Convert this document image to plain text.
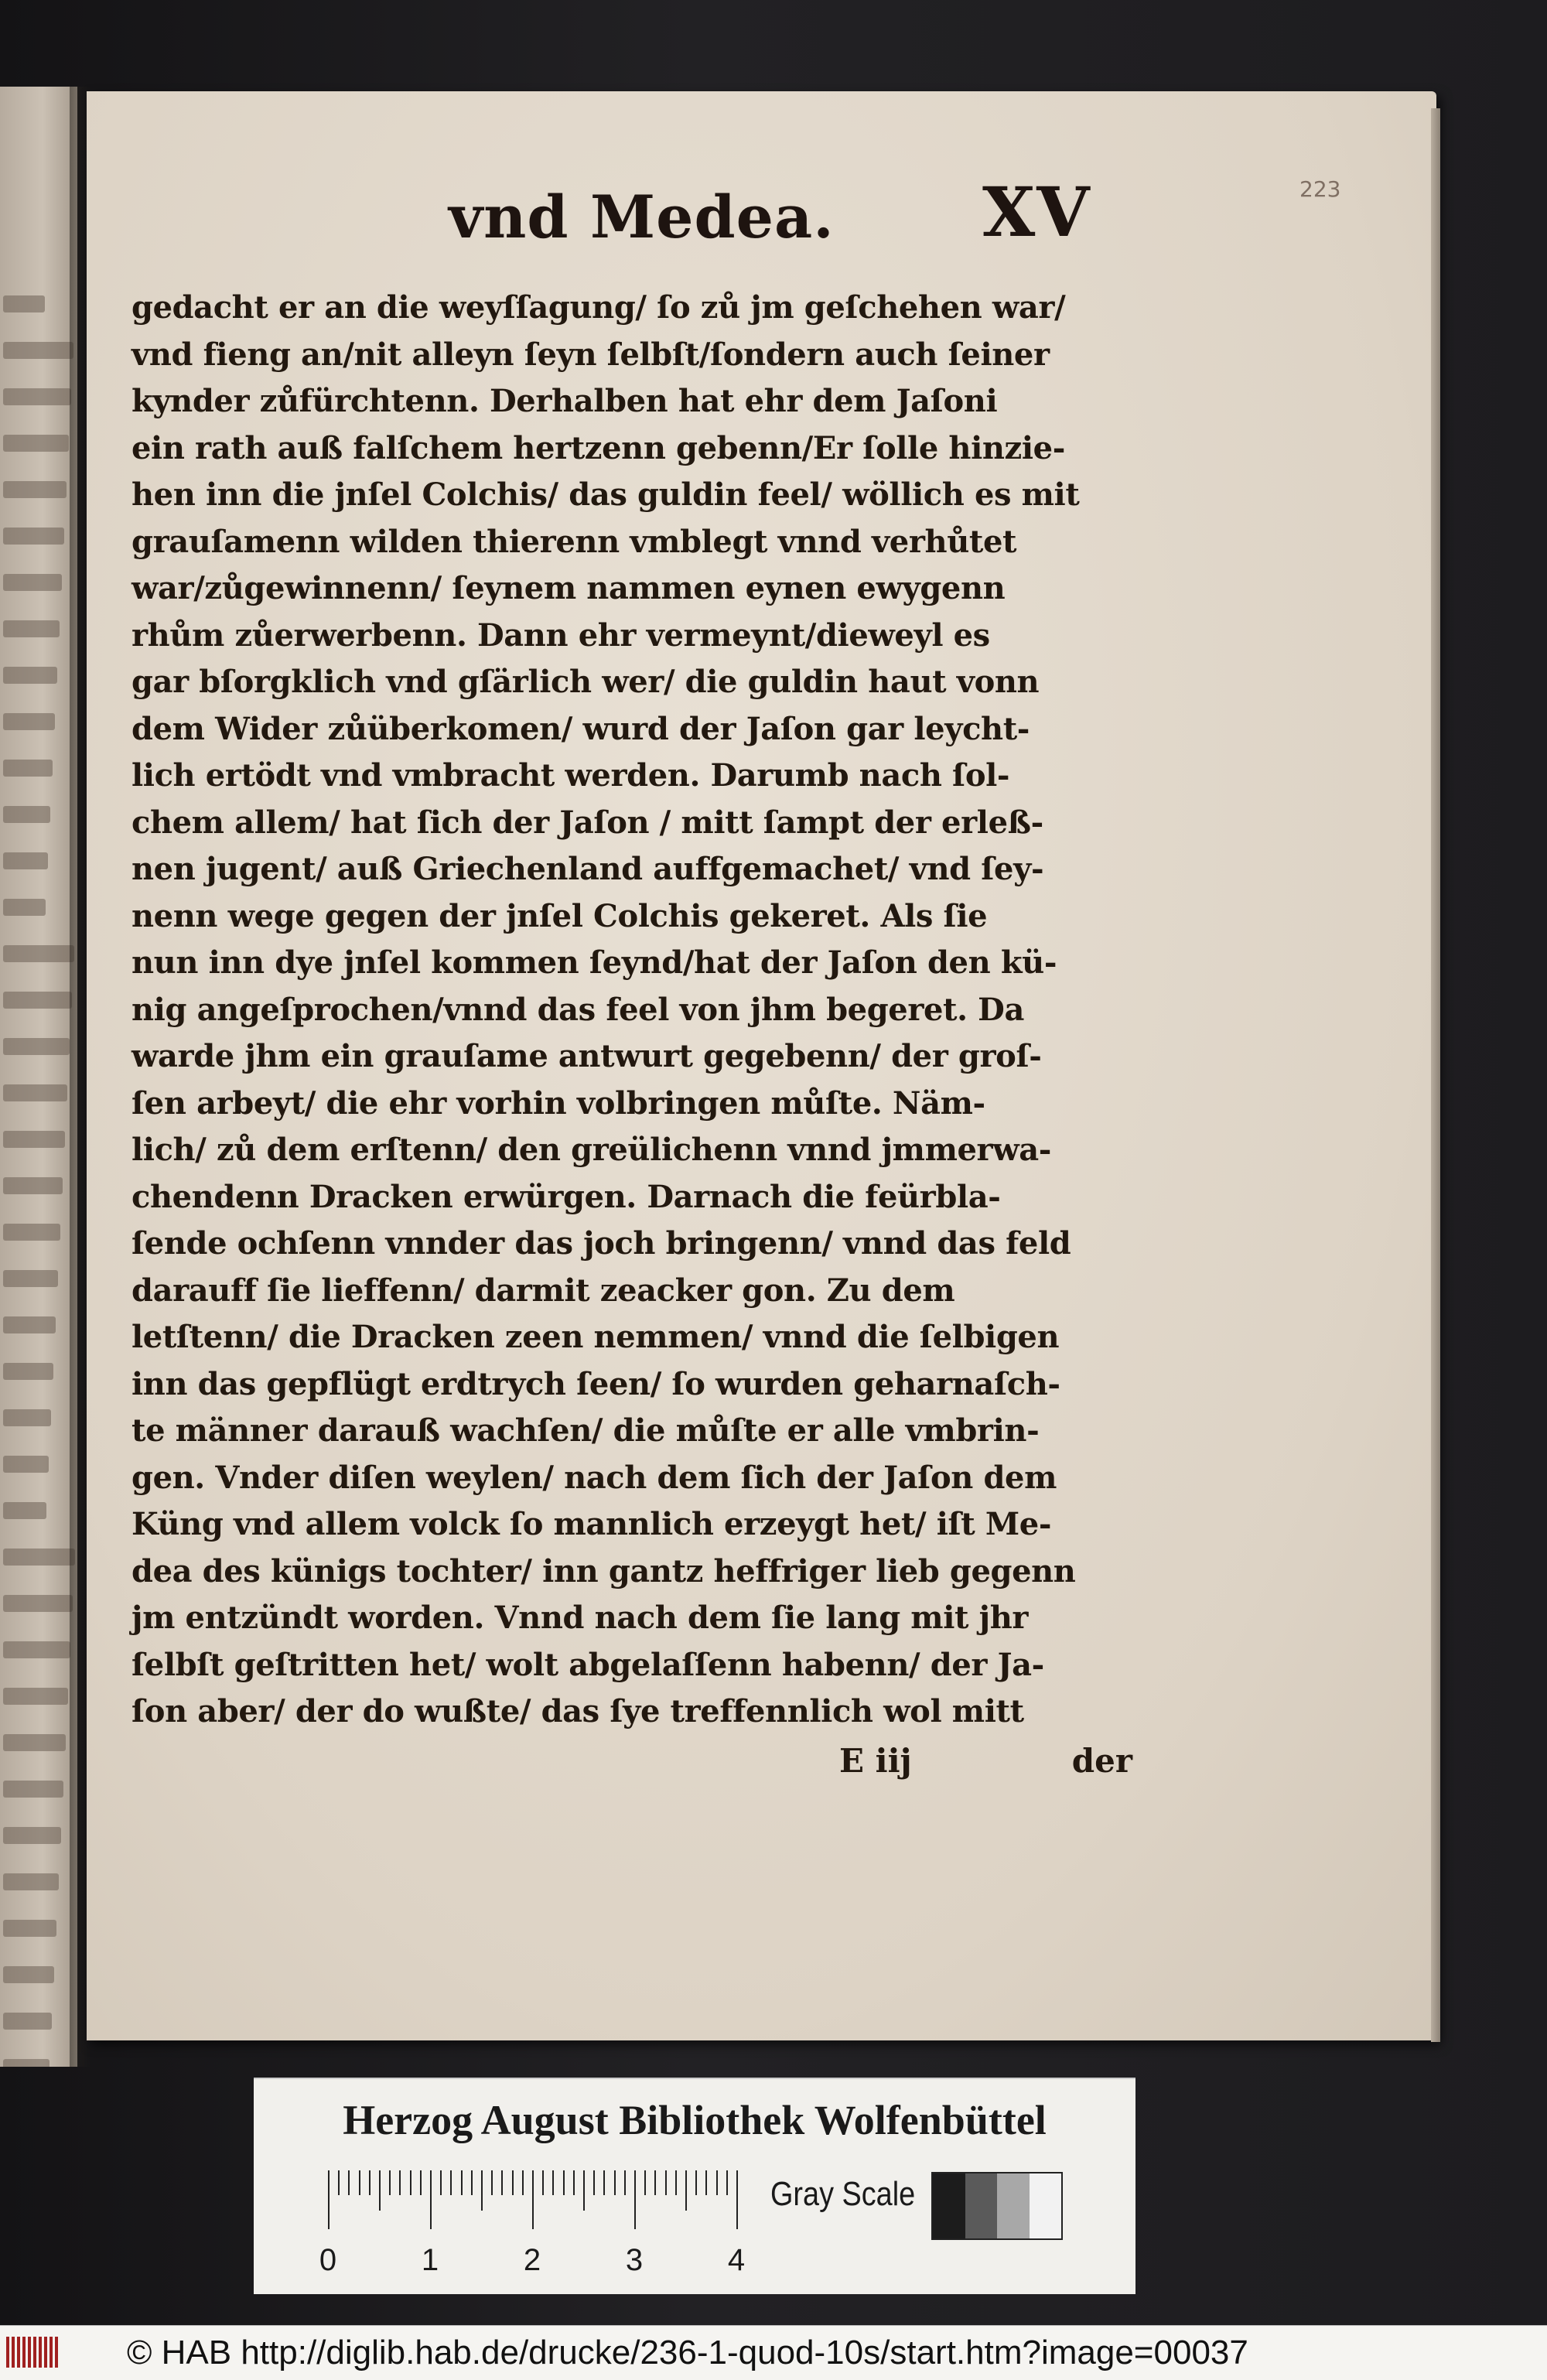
vnd Medea.	XV	223
gedacht er an die weyſſagung/ ſo zů jm geſchehen war/
vnd fieng an/nit alleyn ſeyn ſelbſt/ſondern auch ſeiner
kynder zůfürchtenn. Derhalben hat ehr dem Jaſoni
ein rath auß falſchem hertzenn gebenn/Er ſolle hinzie-
hen inn die jnſel Colchis/ das guldin feel/ wöllich es mit
grauſamenn wilden thierenn vmblegt vnnd verhůtet
war/zůgewinnenn/ ſeynem nammen eynen ewygenn
rhům zůerwerbenn. Dann ehr vermeynt/dieweyl es
gar bſorgklich vnd gſärlich wer/ die guldin haut vonn
dem Wider zůüberkomen/ wurd der Jaſon gar leycht-
lich ertödt vnd vmbracht werden. Darumb nach ſol-
chem allem/ hat ſich der Jaſon / mitt ſampt der erleß-
nen jugent/ auß Griechenland auffgemachet/ vnd ſey-
nenn wege gegen der jnſel Colchis gekeret. Als ſie
nun inn dye jnſel kommen ſeynd/hat der Jaſon den kü-
nig angeſprochen/vnnd das feel von jhm begeret. Da
warde jhm ein grauſame antwurt gegebenn/ der groſ-
ſen arbeyt/ die ehr vorhin volbringen můſte. Näm-
lich/ zů dem erſtenn/ den greülichenn vnnd jmmerwa-
chendenn Dracken erwürgen. Darnach die feürbla-
ſende ochſenn vnnder das joch bringenn/ vnnd das feld
darauff ſie lieffenn/ darmit zeacker gon. Zu dem
letſtenn/ die Dracken zeen nemmen/ vnnd die ſelbigen
inn das gepflügt erdtrych ſeen/ ſo wurden geharnaſch-
te männer darauß wachſen/ die můſte er alle vmbrin-
gen. Vnder diſen weylen/ nach dem ſich der Jaſon dem
Küng vnd allem volck ſo mannlich erzeygt het/ iſt Me-
dea des künigs tochter/ inn gantz heffriger lieb gegenn
jm entzündt worden. Vnnd nach dem ſie lang mit jhr
ſelbſt geſtritten het/ wolt abgelaſſenn habenn/ der Ja-
ſon aber/ der do wußte/ das ſye treffennlich wol mitt
E iij	der
Herzog August Bibliothek Wolfenbüttel
0	1	2	3	4
Gray Scale
© HAB http://diglib.hab.de/drucke/236-1-quod-10s/start.htm?image=00037
